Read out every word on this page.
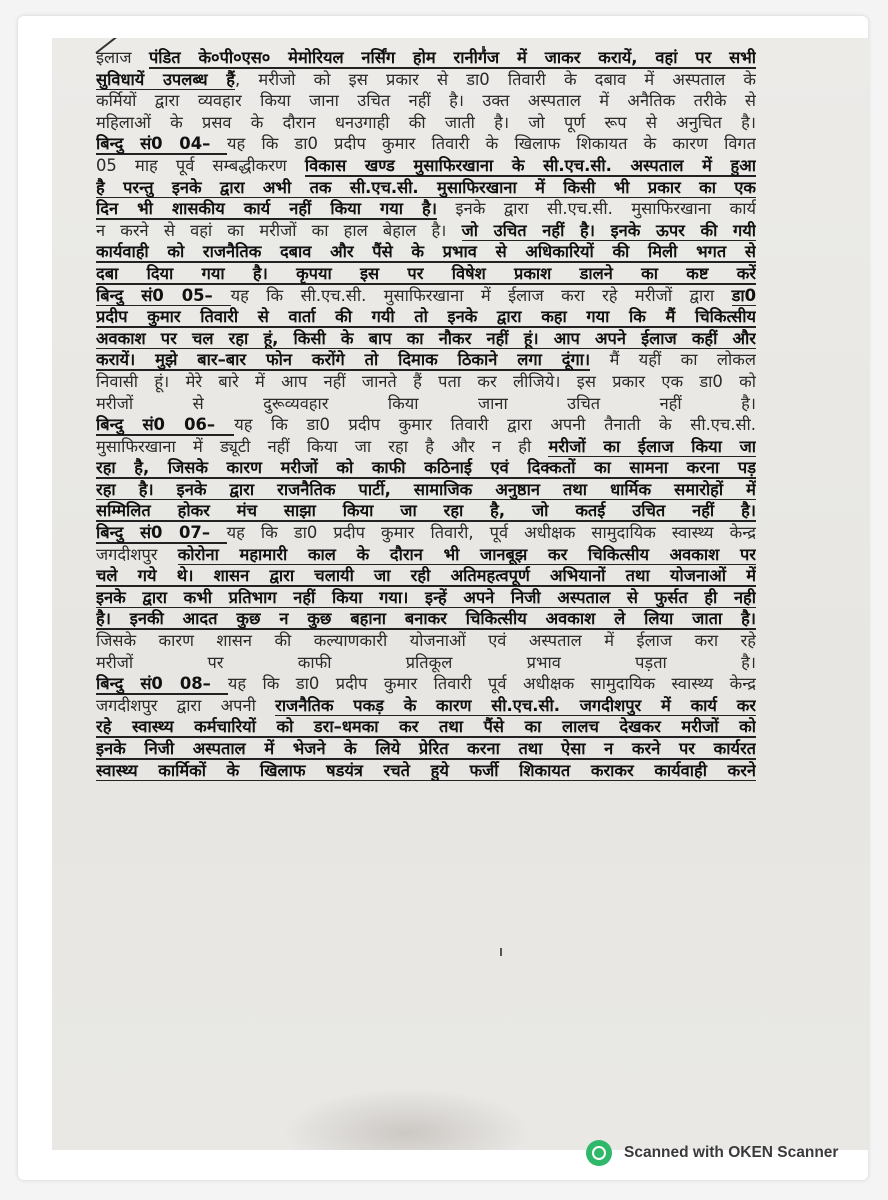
इलाज पंडित के०पी०एस० मेमोरियल नर्सिंग होम रानीगंज में जाकर करायें, वहां पर सभी
सुविधायें उपलब्ध हैं, मरीजो को इस प्रकार से डा0 तिवारी के दबाव में अस्पताल के
कर्मियों द्वारा व्यवहार किया जाना उचित नहीं है। उक्त अस्पताल में अनैतिक तरीके से
महिलाओं के प्रसव के दौरान धनउगाही की जाती है। जो पूर्ण रूप से अनुचित है।
बिन्दु सं0 04– यह कि डा0 प्रदीप कुमार तिवारी के खिलाफ शिकायत के कारण विगत
05 माह पूर्व सम्बद्धीकरण विकास खण्ड मुसाफिरखाना के सी.एच.सी. अस्पताल में हुआ
है परन्तु इनके द्वारा अभी तक सी.एच.सी. मुसाफिरखाना में किसी भी प्रकार का एक
दिन भी शासकीय कार्य नहीं किया गया है। इनके द्वारा सी.एच.सी. मुसाफिरखाना कार्य
न करने से वहां का मरीजों का हाल बेहाल है। जो उचित नहीं है। इनके ऊपर की गयी
कार्यवाही को राजनैतिक दबाव और पैंसे के प्रभाव से अधिकारियों की मिली भगत से
दबा दिया गया है। कृपया इस पर विषेश प्रकाश डालने का कष्ट करें
बिन्दु सं0 05– यह कि सी.एच.सी. मुसाफिरखाना में ईलाज करा रहे मरीजों द्वारा डा0
प्रदीप कुमार तिवारी से वार्ता की गयी तो इनके द्वारा कहा गया कि मैं चिकित्सीय
अवकाश पर चल रहा हूं, किसी के बाप का नौकर नहीं हूं। आप अपने ईलाज कहीं और
करायें। मुझे बार–बार फोन करोंगे तो दिमाक ठिकाने लगा दूंगा। मैं यहीं का लोकल
निवासी हूं। मेरे बारे में आप नहीं जानते हैं पता कर लीजिये। इस प्रकार एक डा0 को
मरीजों से दुरूव्यवहार किया जाना उचित नहीं है।
बिन्दु सं0 06– यह कि डा0 प्रदीप कुमार तिवारी द्वारा अपनी तैनाती के सी.एच.सी.
मुसाफिरखाना में ड्यूटी नहीं किया जा रहा है और न ही मरीजों का ईलाज किया जा
रहा है, जिसके कारण मरीजों को काफी कठिनाई एवं दिक्कतों का सामना करना पड़
रहा है। इनके द्वारा राजनैतिक पार्टी, सामाजिक अनुष्ठान तथा धार्मिक समारोहों में
सम्मिलित होकर मंच साझा किया जा रहा है, जो कतई उचित नहीं है।
बिन्दु सं0 07– यह कि डा0 प्रदीप कुमार तिवारी, पूर्व अधीक्षक सामुदायिक स्वास्थ्य केन्द्र
जगदीशपुर कोरोना महामारी काल के दौरान भी जानबूझ कर चिकित्सीय अवकाश पर
चले गये थे। शासन द्वारा चलायी जा रही अतिमहत्वपूर्ण अभियानों तथा योजनाओं में
इनके द्वारा कभी प्रतिभाग नहीं किया गया। इन्हें अपने निजी अस्पताल से फुर्सत ही नही
है। इनकी आदत कुछ न कुछ बहाना बनाकर चिकित्सीय अवकाश ले लिया जाता है।
जिसके कारण शासन की कल्याणकारी योजनाओं एवं अस्पताल में ईलाज करा रहे
मरीजों पर काफी प्रतिकूल प्रभाव पड़ता है।
बिन्दु सं0 08– यह कि डा0 प्रदीप कुमार तिवारी पूर्व अधीक्षक सामुदायिक स्वास्थ्य केन्द्र
जगदीशपुर द्वारा अपनी राजनैतिक पकड़ के कारण सी.एच.सी. जगदीशपुर में कार्य कर
रहे स्वास्थ्य कर्मचारियों को डरा–धमका कर तथा पैंसे का लालच देखकर मरीजों को
इनके निजी अस्पताल में भेजने के लिये प्रेरित करना तथा ऐसा न करने पर कार्यरत
स्वास्थ्य कार्मिकों के खिलाफ षडयंत्र रचते हुये फर्जी शिकायत कराकर कार्यवाही करने
Scanned with OKEN Scanner
